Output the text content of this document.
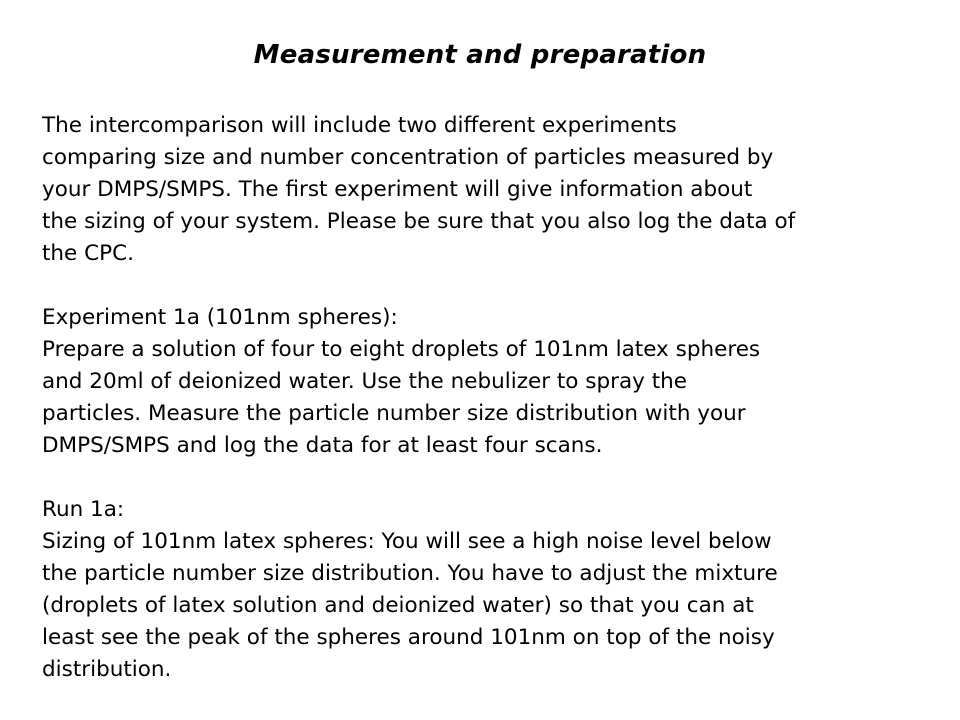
Measurement and preparation
The intercomparison will include two different experiments
comparing size and number concentration of particles measured by
your DMPS/SMPS. The first experiment will give information about
the sizing of your system. Please be sure that you also log the data of
the CPC.
Experiment 1a (101nm spheres):
Prepare a solution of four to eight droplets of 101nm latex spheres
and 20ml of deionized water. Use the nebulizer to spray the
particles. Measure the particle number size distribution with your
DMPS/SMPS and log the data for at least four scans.
Run 1a:
Sizing of 101nm latex spheres: You will see a high noise level below
the particle number size distribution. You have to adjust the mixture
(droplets of latex solution and deionized water) so that you can at
least see the peak of the spheres around 101nm on top of the noisy
distribution.
